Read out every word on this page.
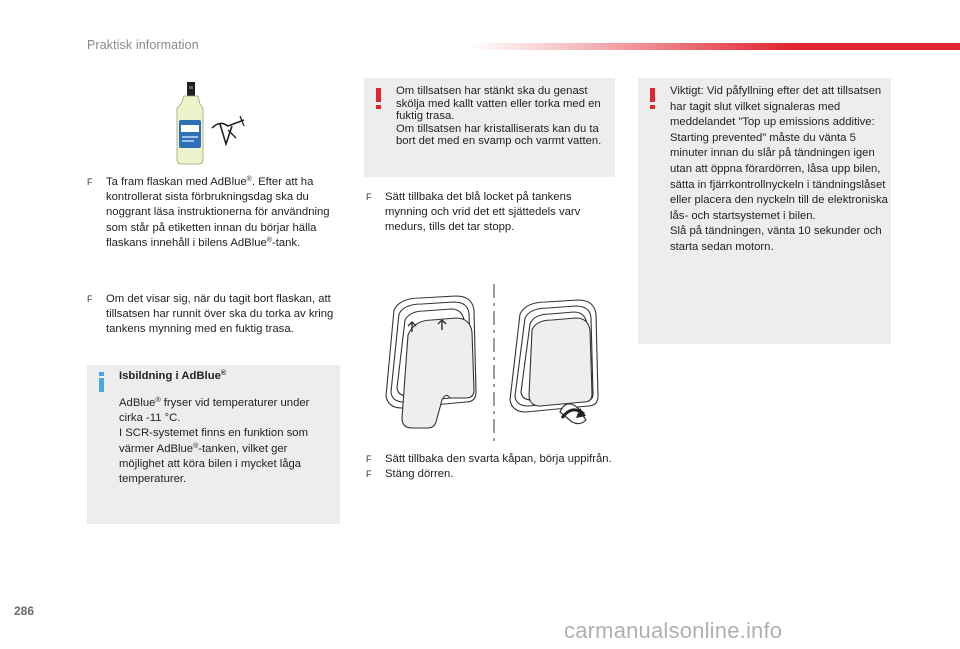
Praktisk information
F	Ta fram flaskan med AdBlue®. Efter att ha kontrollerat sista förbrukningsdag ska du noggrant läsa instruktionerna för användning som står på etiketten innan du börjar hälla flaskans innehåll i bilens AdBlue®-tank.
F	Om det visar sig, när du tagit bort flaskan, att tillsatsen har runnit över ska du torka av kring tankens mynning med en fuktig trasa.
Isbildning i AdBlue®
AdBlue® fryser vid temperaturer under cirka -11 °C.
I SCR-systemet finns en funktion som värmer AdBlue®-tanken, vilket ger möjlighet att köra bilen i mycket låga temperaturer.
Om tillsatsen har stänkt ska du genast skölja med kallt vatten eller torka med en fuktig trasa.
Om tillsatsen har kristalliserats kan du ta bort det med en svamp och varmt vatten.
F	Sätt tillbaka det blå locket på tankens mynning och vrid det ett sjättedels varv medurs, tills det tar stopp.
F	Sätt tillbaka den svarta kåpan, börja uppifrån.
F	Stäng dörren.
Viktigt: Vid påfyllning efter det att tillsatsen har tagit slut vilket signaleras med meddelandet ”Top up emissions additive: Starting prevented” måste du vänta 5 minuter innan du slår på tändningen igen utan att öppna förardörren, låsa upp bilen, sätta in fjärrkontrollnyckeln i tändningslåset eller placera den nyckeln till de elektroniska lås- och startsystemet i bilen.
Slå på tändningen, vänta 10 sekunder och starta sedan motorn.
286
carmanualsonline.info
